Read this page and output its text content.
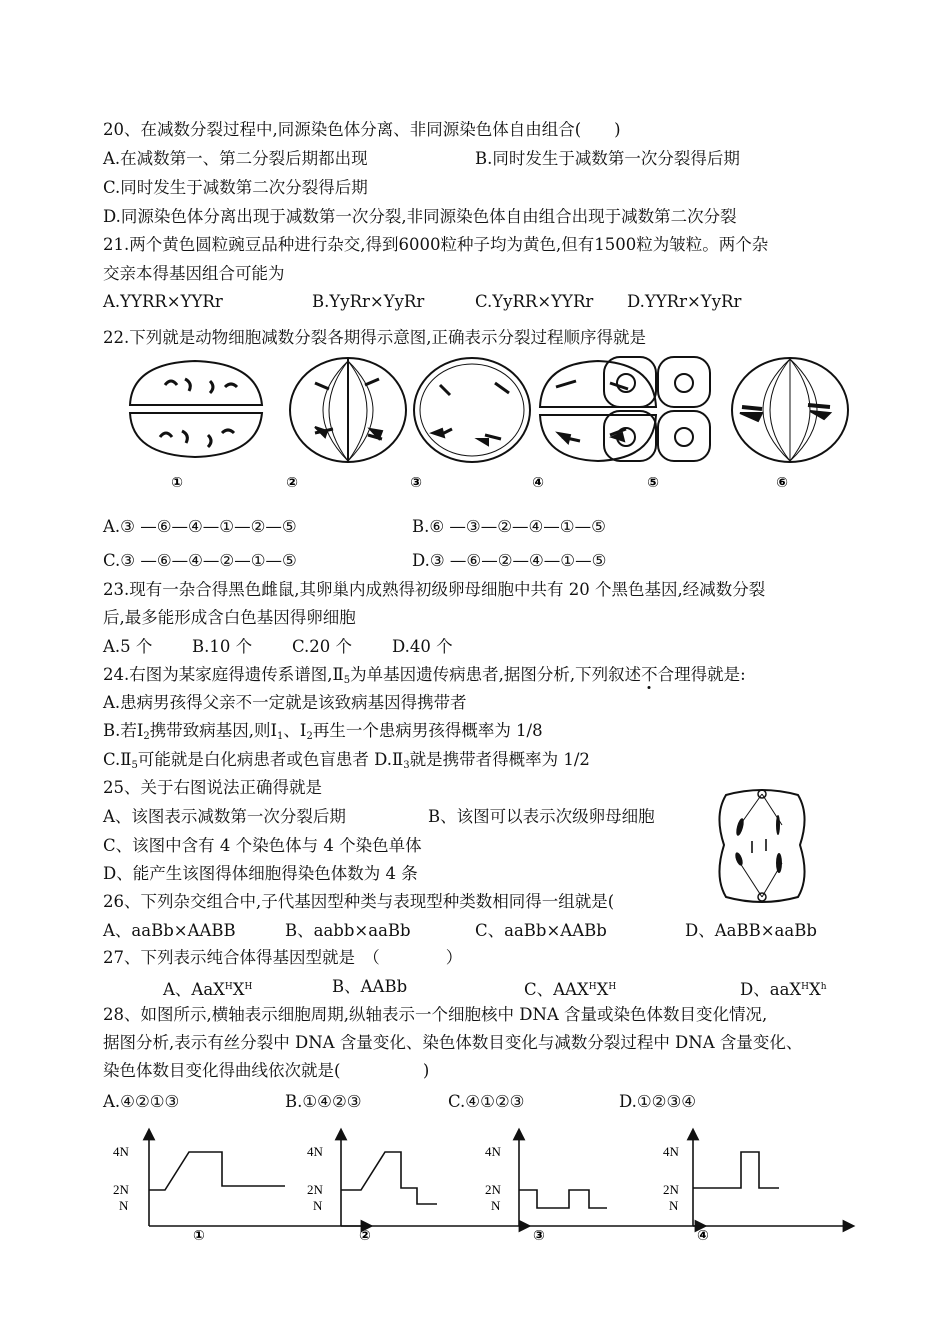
20、在减数分裂过程中,同源染色体分离、非同源染色体自由组合(　　)
A.在减数第一、第二分裂后期都出现	B.同时发生于减数第一次分裂得后期
C.同时发生于减数第二次分裂得后期
D.同源染色体分离出现于减数第一次分裂,非同源染色体自由组合出现于减数第二次分裂
21.两个黄色圆粒豌豆品种进行杂交,得到6000粒种子均为黄色,但有1500粒为皱粒。两个杂
交亲本得基因组合可能为
A.YYRR×YYRr	B.YyRr×YyRr	C.YyRR×YYRr D.YYRr×YyRr
22.下列就是动物细胞减数分裂各期得示意图,正确表示分裂过程顺序得就是
①	②	③	④	⑤	⑥
A.③ —⑥—④—①—②—⑤	B.⑥ —③—②—④—①—⑤
C.③ —⑥—④—②—①—⑤	D.③ —⑥—②—④—①—⑤
23.现有一杂合得黑色雌鼠,其卵巢内成熟得初级卵母细胞中共有 20 个黑色基因,经减数分裂
后,最多能形成含白色基因得卵细胞
A.5 个 B.10 个 C.20 个 D.40 个
24.右图为某家庭得遗传系谱图$,Ⅱ_5$为单基因遗传病患者,据图分析,下列叙述不合理得就是:
A.患病男孩得父亲不一定就是该致病基因得携带者
B.若$Ⅰ_2$携带致病基因,则$Ⅰ_1$、$Ⅰ_2$再生一个患病男孩得概率为 1/8
$C.Ⅱ_5$可能就是白化病患者或色盲患者 $D.Ⅱ_3$就是携带者得概率为 1/2
25、关于右图说法正确得就是
A、该图表示减数第一次分裂后期	B、该图可以表示次级卵母细胞
C、该图中含有 4 个染色体与 4 个染色单体
D、能产生该图得体细胞得染色体数为 4 条
26、下列杂交组合中,子代基因型种类与表现型种类数相同得一组就是(
A、aaBb×AABB	B、aabb×aaBb	C、aaBb×AABb	D、AaBB×aaBb
27、下列表示纯合体得基因型就是　（　　　　）
A、$AaX^HX^H$	B、AABb	C、$AAX^HX^H$	D、$aaX^HX^h$
28、如图所示,横轴表示细胞周期,纵轴表示一个细胞核中 DNA 含量或染色体数目变化情况,
据图分析,表示有丝分裂中 DNA 含量变化、染色体数目变化与减数分裂过程中 DNA 含量变化、
染色体数目变化得曲线依次就是(　　　　　)
A.④②①③	B.①④②③	C.④①②③	D.①②③④
4N
2N
N
①
4N
2N
N
②
4N
2N
N
③
4N
2N
N
④
